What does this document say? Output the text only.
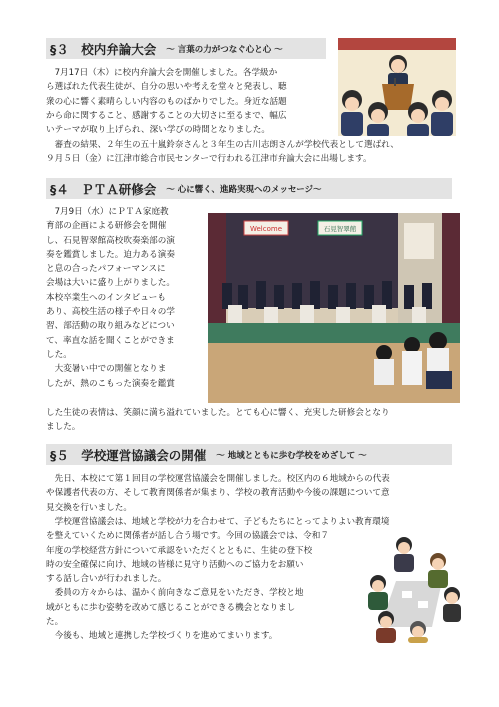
§３　校内弁論大会 ～ 言葉の力がつなぐ心と心 ～

　7月17日（木）に校内弁論大会を開催しました。各学級か

ら選ばれた代表生徒が、自分の思いや考えを堂々と発表し、聴

衆の心に響く素晴らしい内容のものばかりでした。身近な話題

から命に関すること、感謝することの大切さに至るまで、幅広

いテーマが取り上げられ、深い学びの時間となりました。

　審査の結果、２年生の五十嵐鈴奈さんと３年生の古川志朗さんが学校代表として選ばれ、

９月５日（金）に江津市総合市民センターで行われる江津市弁論大会に出場します。

§４　ＰＴＡ研修会 ～ 心に響く、進路実現へのメッセージ～

　7月9日（水）にＰＴＡ家庭教

育部の企画による研修会を開催

し、石見智翠館高校吹奏楽部の演

奏を鑑賞しました。迫力ある演奏

と息の合ったパフォーマンスに

会場は大いに盛り上がりました。

本校卒業生へのインタビューも

あり、高校生活の様子や日々の学

習、部活動の取り組みなどについ

て、率直な話を聞くことができま

した。

　大変暑い中での開催となりま

したが、熱のこもった演奏を鑑賞

した生徒の表情は、笑顔に満ち溢れていました。とても心に響く、充実した研修会となり

ました。

Welcome	石見智翠館
§５　学校運営協議会の開催 ～ 地域とともに歩む学校をめざして ～

　先日、本校にて第１回目の学校運営協議会を開催しました。校区内の６地域からの代表

や保護者代表の方、そして教育関係者が集まり、学校の教育活動や今後の課題について意

見交換を行いました。

　学校運営協議会は、地域と学校が力を合わせて、子どもたちにとってよりよい教育環境

を整えていくために関係者が話し合う場です。今回の協議会では、令和７

年度の学校経営方針について承認をいただくとともに、生徒の登下校

時の安全確保に向け、地域の皆様に見守り活動へのご協力をお願い

する話し合いが行われました。

　委員の方々からは、温かく前向きなご意見をいただき、学校と地

域がともに歩む姿勢を改めて感じることができる機会となりまし

た。

　今後も、地域と連携した学校づくりを進めてまいります。
